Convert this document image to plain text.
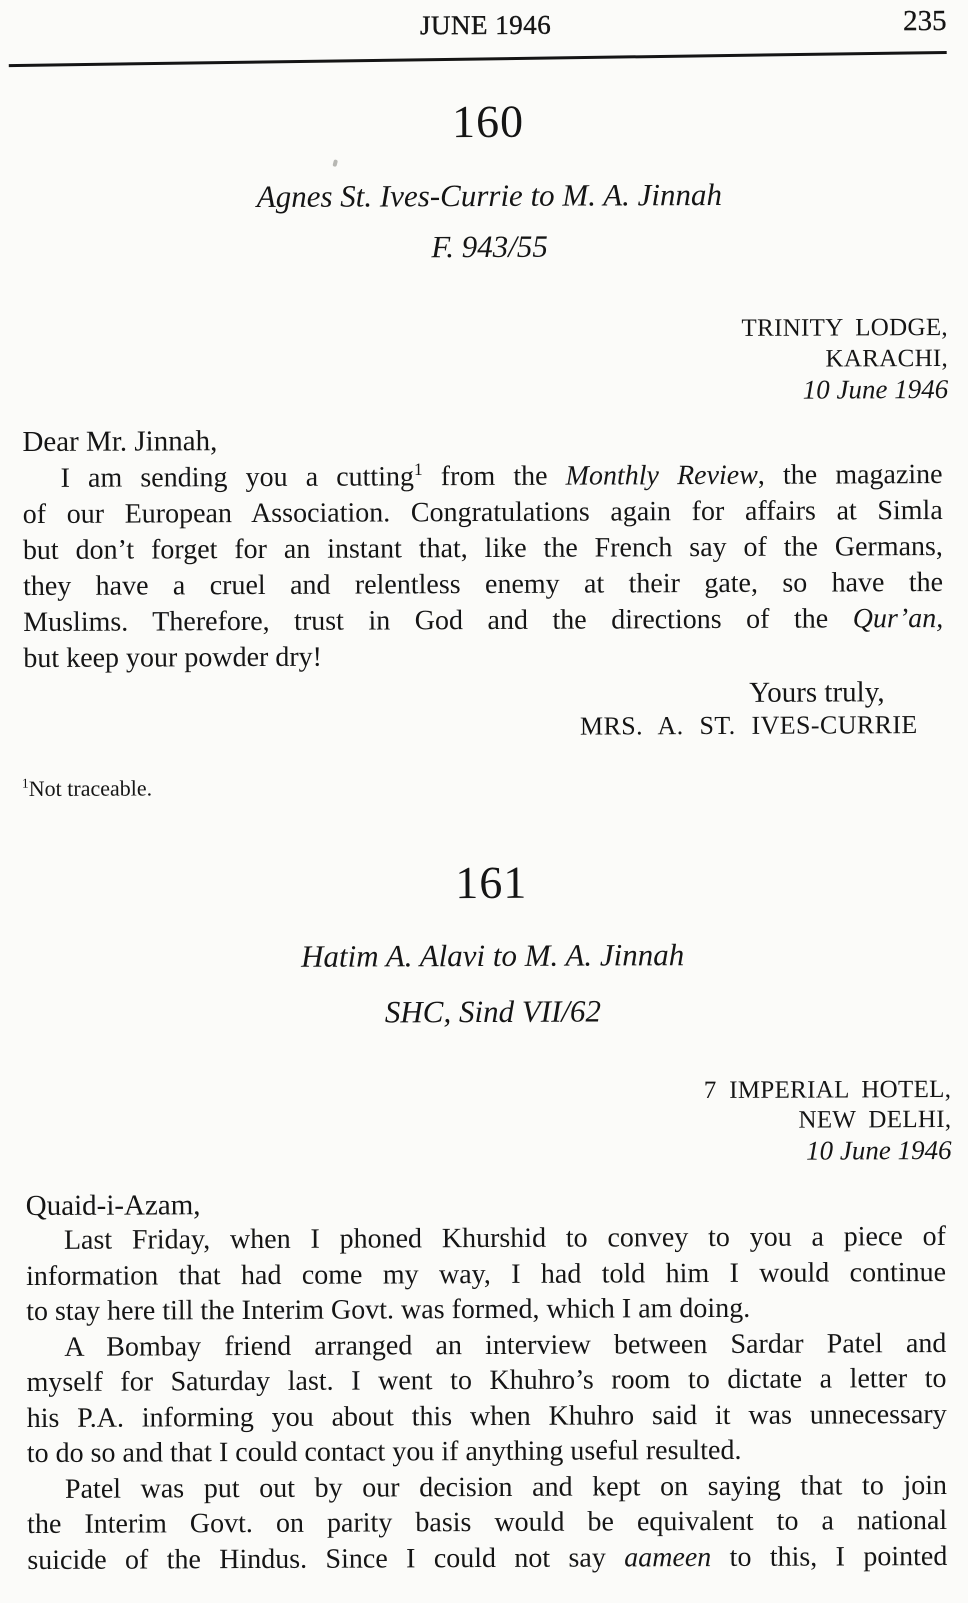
JUNE 1946	235
160
Agnes St. Ives-Currie to M. A. Jinnah
F. 943/55
TRINITY LODGE,
KARACHI,
10 June 1946
Dear Mr. Jinnah,
I am sending you a cutting$^1$ from the Monthly Review, the magazine
of our European Association. Congratulations again for affairs at Simla
but don’t forget for an instant that, like the French say of the Germans,
they have a cruel and relentless enemy at their gate, so have the
Muslims. Therefore, trust in God and the directions of the Qur’an,
but keep your powder dry!
Yours truly,
MRS. A. ST. IVES-CURRIE
$^1$Not traceable.
161
Hatim A. Alavi to M. A. Jinnah
SHC, Sind VII/62
7 IMPERIAL HOTEL,
NEW DELHI,
10 June 1946
Quaid-i-Azam,
Last Friday, when I phoned Khurshid to convey to you a piece of
information that had come my way, I had told him I would continue
to stay here till the Interim Govt. was formed, which I am doing.
A Bombay friend arranged an interview between Sardar Patel and
myself for Saturday last. I went to Khuhro’s room to dictate a letter to
his P.A. informing you about this when Khuhro said it was unnecessary
to do so and that I could contact you if anything useful resulted.
Patel was put out by our decision and kept on saying that to join
the Interim Govt. on parity basis would be equivalent to a national
suicide of the Hindus. Since I could not say aameen to this, I pointed
